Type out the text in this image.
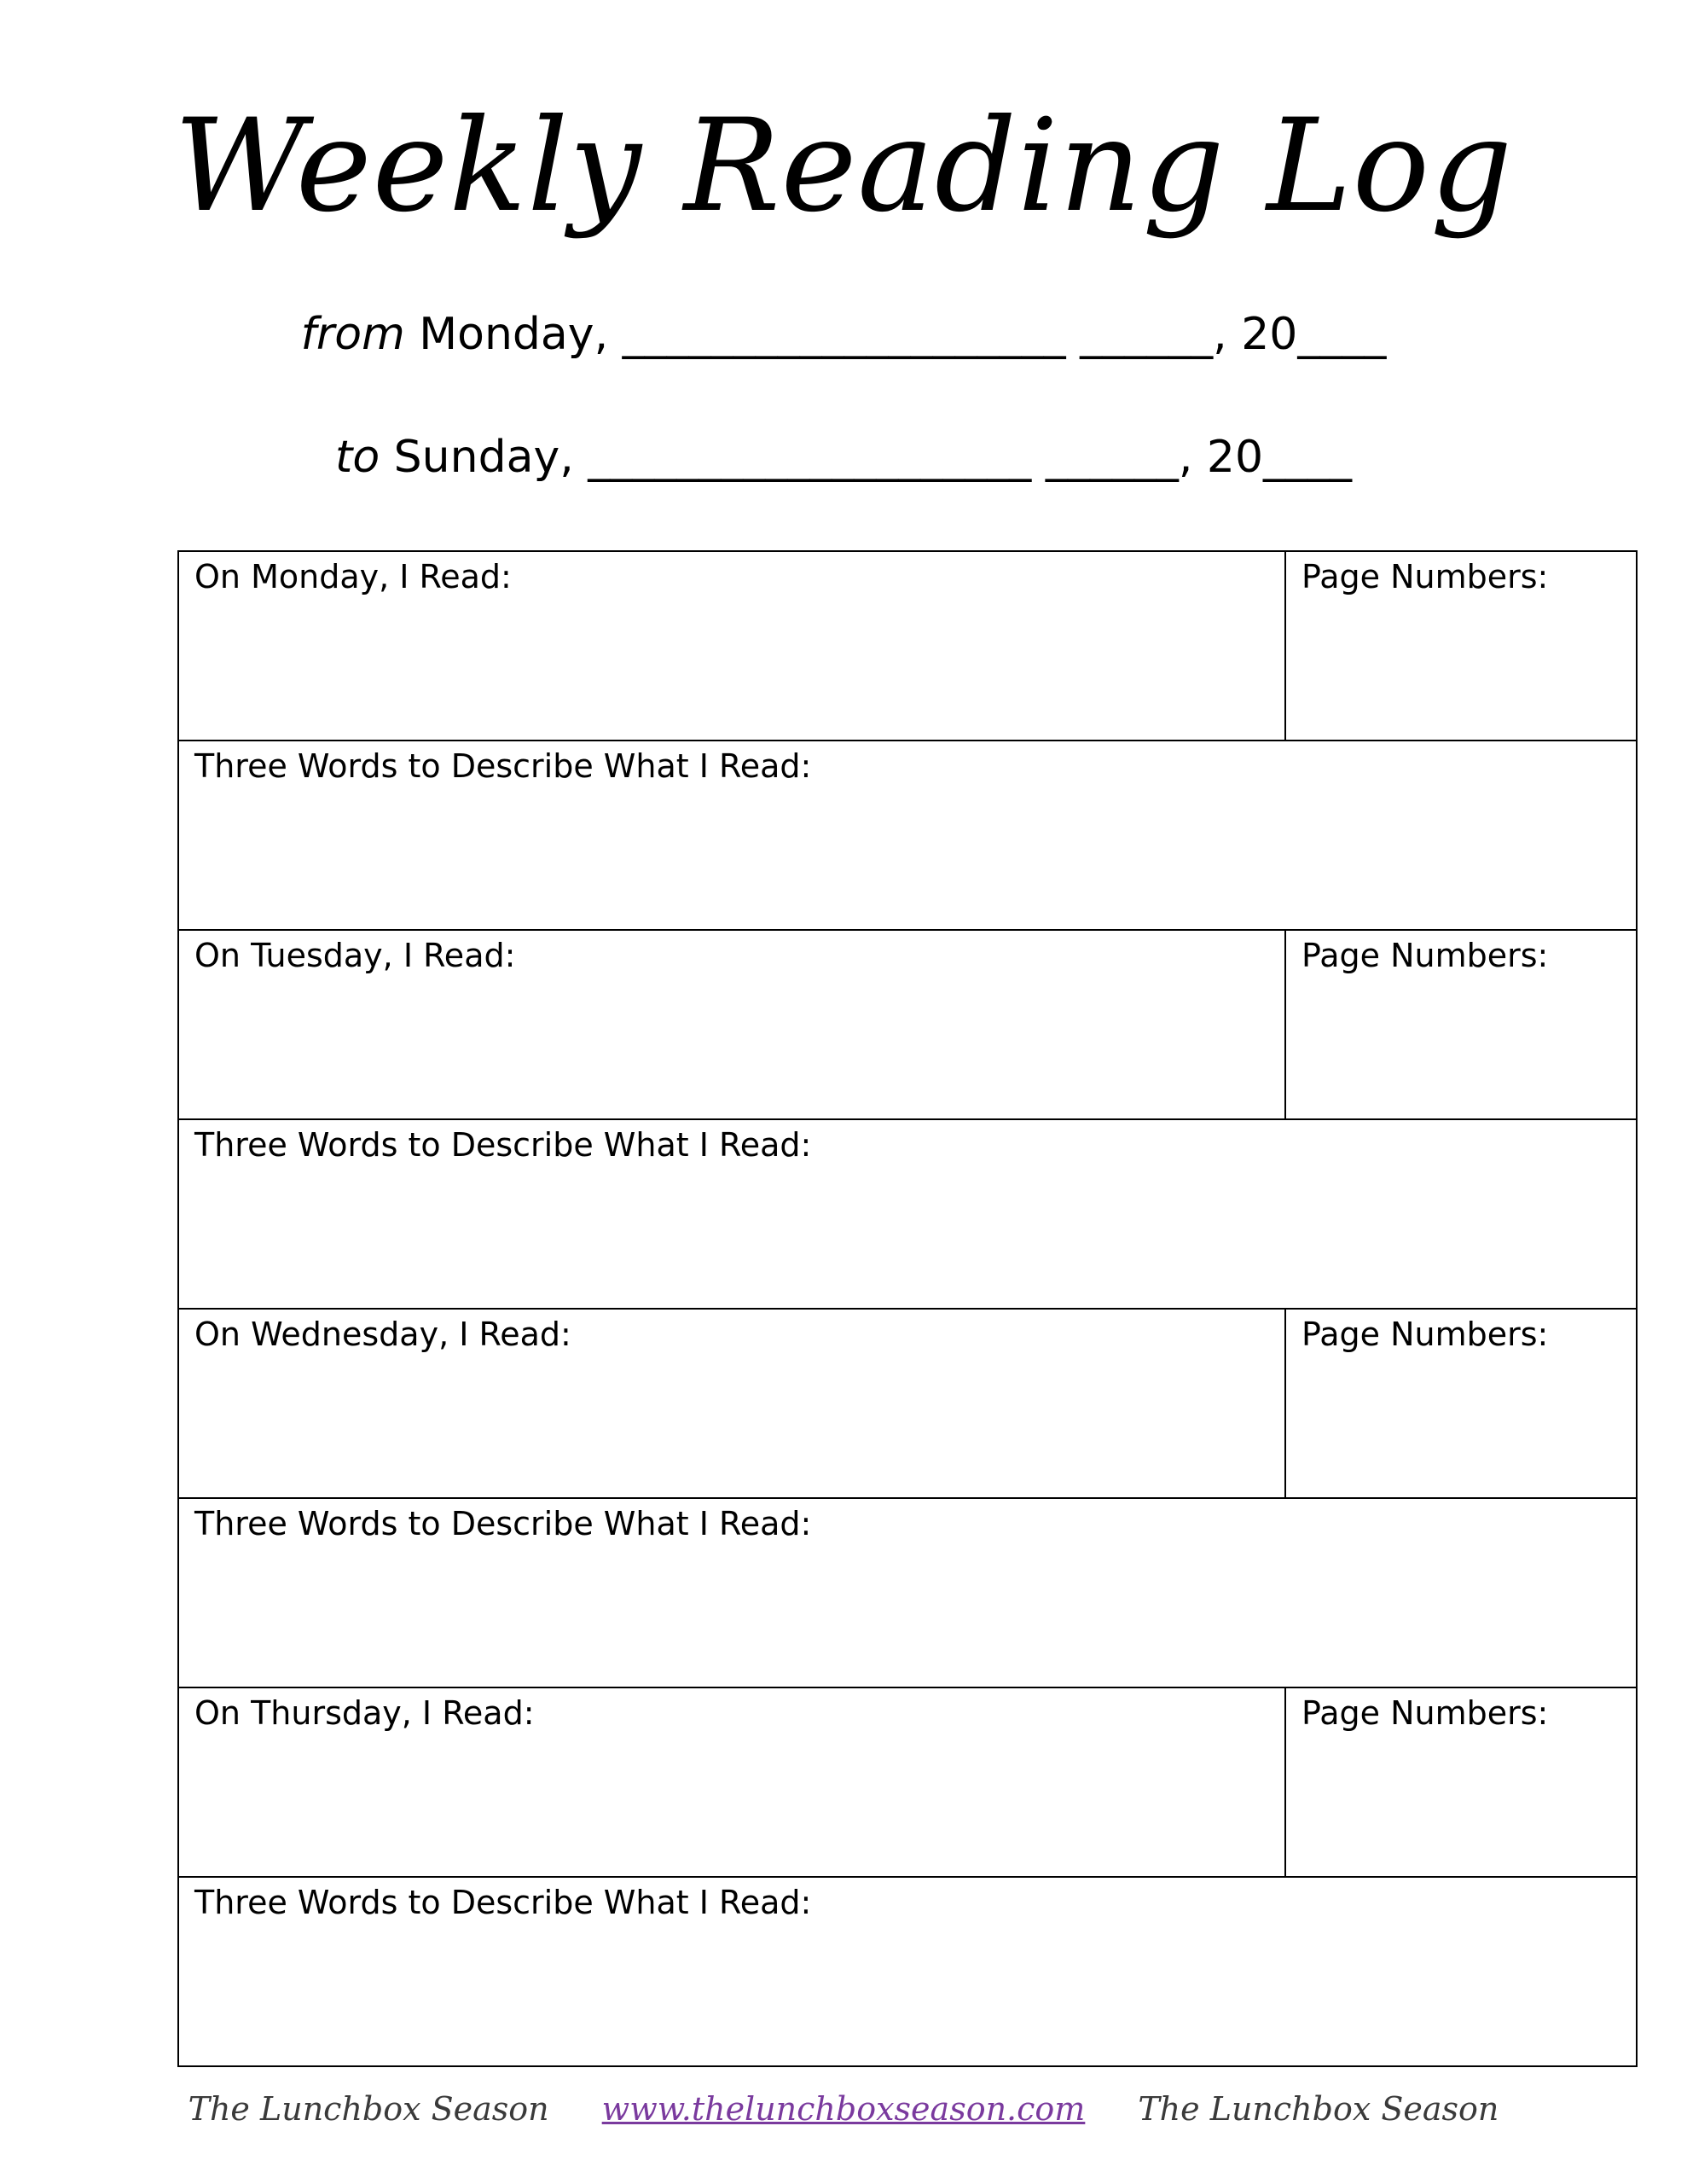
Weekly Reading Log
from Monday, ____________________ ______, 20____
to Sunday, ____________________ ______, 20____
On Monday, I Read:	Page Numbers:
Three Words to Describe What I Read:
On Tuesday, I Read:	Page Numbers:
Three Words to Describe What I Read:
On Wednesday, I Read:	Page Numbers:
Three Words to Describe What I Read:
On Thursday, I Read:	Page Numbers:
Three Words to Describe What I Read:
The Lunchbox Season www.thelunchboxseason.com The Lunchbox Season
